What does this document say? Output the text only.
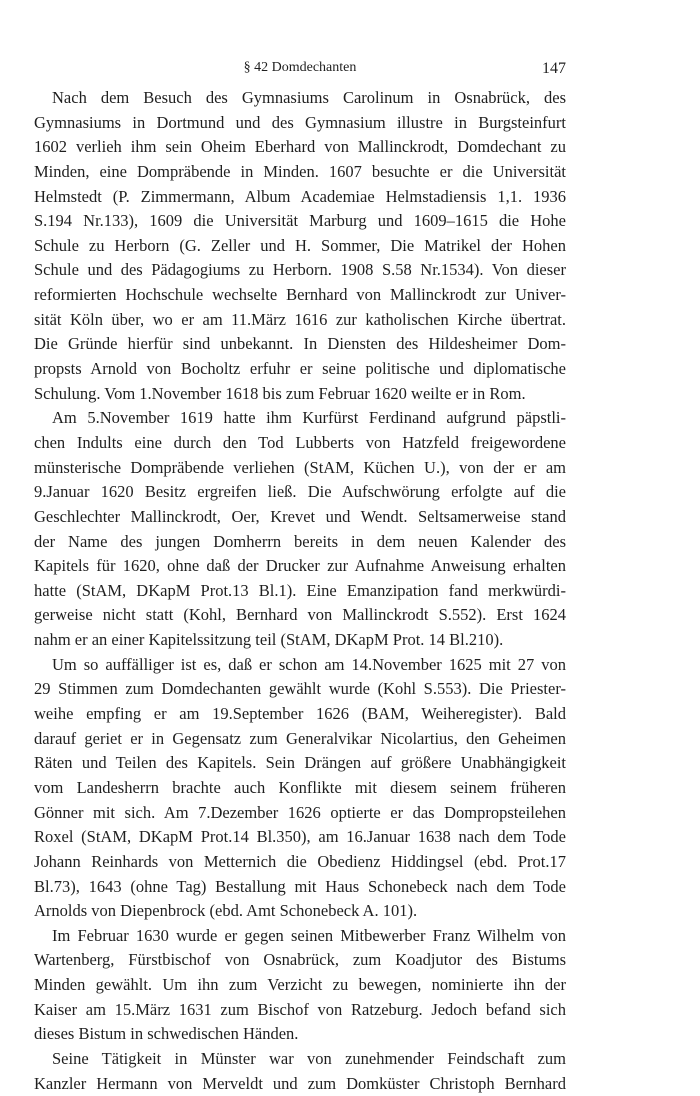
§ 42 Domdechanten	147
Nach dem Besuch des Gymnasiums Carolinum in Osnabrück, des
Gymnasiums in Dortmund und des Gymnasium illustre in Burgsteinfurt
1602 verlieh ihm sein Oheim Eberhard von Mallinckrodt, Domdechant zu
Minden, eine Dompräbende in Minden. 1607 besuchte er die Universität
Helmstedt (P. Zimmermann, Album Academiae Helmstadiensis 1,1. 1936
S.194 Nr.133), 1609 die Universität Marburg und 1609–1615 die Hohe
Schule zu Herborn (G. Zeller und H. Sommer, Die Matrikel der Hohen
Schule und des Pädagogiums zu Herborn. 1908 S.58 Nr.1534). Von dieser
reformierten Hochschule wechselte Bernhard von Mallinckrodt zur Univer-
sität Köln über, wo er am 11.März 1616 zur katholischen Kirche übertrat.
Die Gründe hierfür sind unbekannt. In Diensten des Hildesheimer Dom-
propsts Arnold von Bocholtz erfuhr er seine politische und diplomatische
Schulung. Vom 1.November 1618 bis zum Februar 1620 weilte er in Rom.
Am 5.November 1619 hatte ihm Kurfürst Ferdinand aufgrund päpstli-
chen Indults eine durch den Tod Lubberts von Hatzfeld freigewordene
münsterische Dompräbende verliehen (StAM, Küchen U.), von der er am
9.Januar 1620 Besitz ergreifen ließ. Die Aufschwörung erfolgte auf die
Geschlechter Mallinckrodt, Oer, Krevet und Wendt. Seltsamerweise stand
der Name des jungen Domherrn bereits in dem neuen Kalender des
Kapitels für 1620, ohne daß der Drucker zur Aufnahme Anweisung erhalten
hatte (StAM, DKapM Prot.13 Bl.1). Eine Emanzipation fand merkwürdi-
gerweise nicht statt (Kohl, Bernhard von Mallinckrodt S.552). Erst 1624
nahm er an einer Kapitelssitzung teil (StAM, DKapM Prot. 14 Bl.210).
Um so auffälliger ist es, daß er schon am 14.November 1625 mit 27 von
29 Stimmen zum Domdechanten gewählt wurde (Kohl S.553). Die Priester-
weihe empfing er am 19.September 1626 (BAM, Weiheregister). Bald
darauf geriet er in Gegensatz zum Generalvikar Nicolartius, den Geheimen
Räten und Teilen des Kapitels. Sein Drängen auf größere Unabhängigkeit
vom Landesherrn brachte auch Konflikte mit diesem seinem früheren
Gönner mit sich. Am 7.Dezember 1626 optierte er das Dompropsteilehen
Roxel (StAM, DKapM Prot.14 Bl.350), am 16.Januar 1638 nach dem Tode
Johann Reinhards von Metternich die Obedienz Hiddingsel (ebd. Prot.17
Bl.73), 1643 (ohne Tag) Bestallung mit Haus Schonebeck nach dem Tode
Arnolds von Diepenbrock (ebd. Amt Schonebeck A. 101).
Im Februar 1630 wurde er gegen seinen Mitbewerber Franz Wilhelm von
Wartenberg, Fürstbischof von Osnabrück, zum Koadjutor des Bistums
Minden gewählt. Um ihn zum Verzicht zu bewegen, nominierte ihn der
Kaiser am 15.März 1631 zum Bischof von Ratzeburg. Jedoch befand sich
dieses Bistum in schwedischen Händen.
Seine Tätigkeit in Münster war von zunehmender Feindschaft zum
Kanzler Hermann von Merveldt und zum Domküster Christoph Bernhard
